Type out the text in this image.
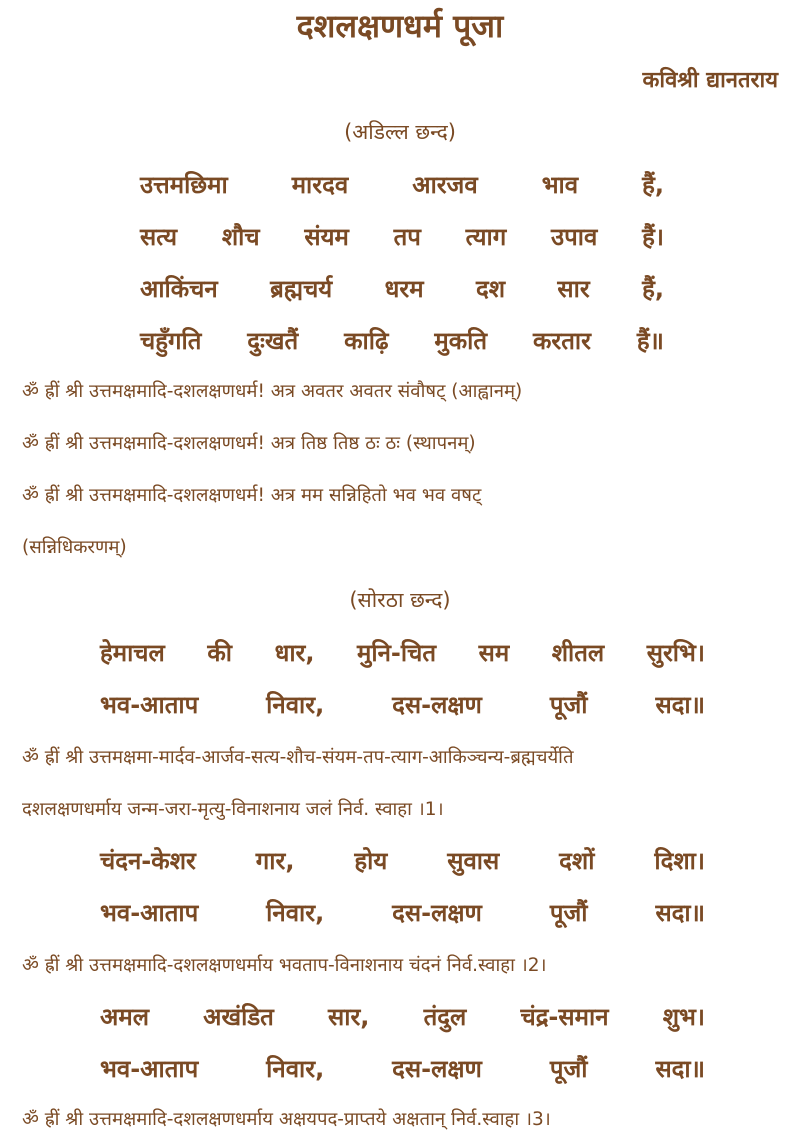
दशलक्षणधर्म पूजा
कविश्री द्यानतराय
(अडिल्ल छन्द)
उत्तमछिमा	मारदव	आरजव	भाव	हैं,
सत्य शौच संयम तप त्याग उपाव हैं।
आकिंचन ब्रह्मचर्य धरम दश सार हैं,
चहुँगति दुःखतैं काढ़ि मुकति करतार हैं॥
ॐ ह्रीं श्री उत्तमक्षमादि-दशलक्षणधर्म! अत्र अवतर अवतर संवौषट् (आह्वानम्)
ॐ ह्रीं श्री उत्तमक्षमादि-दशलक्षणधर्म! अत्र तिष्ठ तिष्ठ ठः ठः (स्थापनम्)
ॐ ह्रीं श्री उत्तमक्षमादि-दशलक्षणधर्म! अत्र मम सन्निहितो भव भव वषट्
(सन्निधिकरणम्)
(सोरठा छन्द)
हेमाचल की धार, मुनि-चित सम शीतल सुरभि।
भव-आताप	निवार,	दस-लक्षण	पूजौं	सदा॥
ॐ ह्रीं श्री उत्तमक्षमा-मार्दव-आर्जव-सत्य-शौच-संयम-तप-त्याग-आकिञ्चन्य-ब्रह्मचर्येति
दशलक्षणधर्माय जन्म-जरा-मृत्यु-विनाशनाय जलं निर्व. स्वाहा ।1।
चंदन-केशर गार, होय सुवास दशों दिशा।
भव-आताप	निवार,	दस-लक्षण	पूजौं	सदा॥
ॐ ह्रीं श्री उत्तमक्षमादि-दशलक्षणधर्माय भवताप-विनाशनाय चंदनं निर्व.स्वाहा ।2।
अमल अखंडित सार, तंदुल चंद्र-समान शुभ।
भव-आताप	निवार,	दस-लक्षण	पूजौं	सदा॥
ॐ ह्रीं श्री उत्तमक्षमादि-दशलक्षणधर्माय अक्षयपद-प्राप्तये अक्षतान् निर्व.स्वाहा ।3।
